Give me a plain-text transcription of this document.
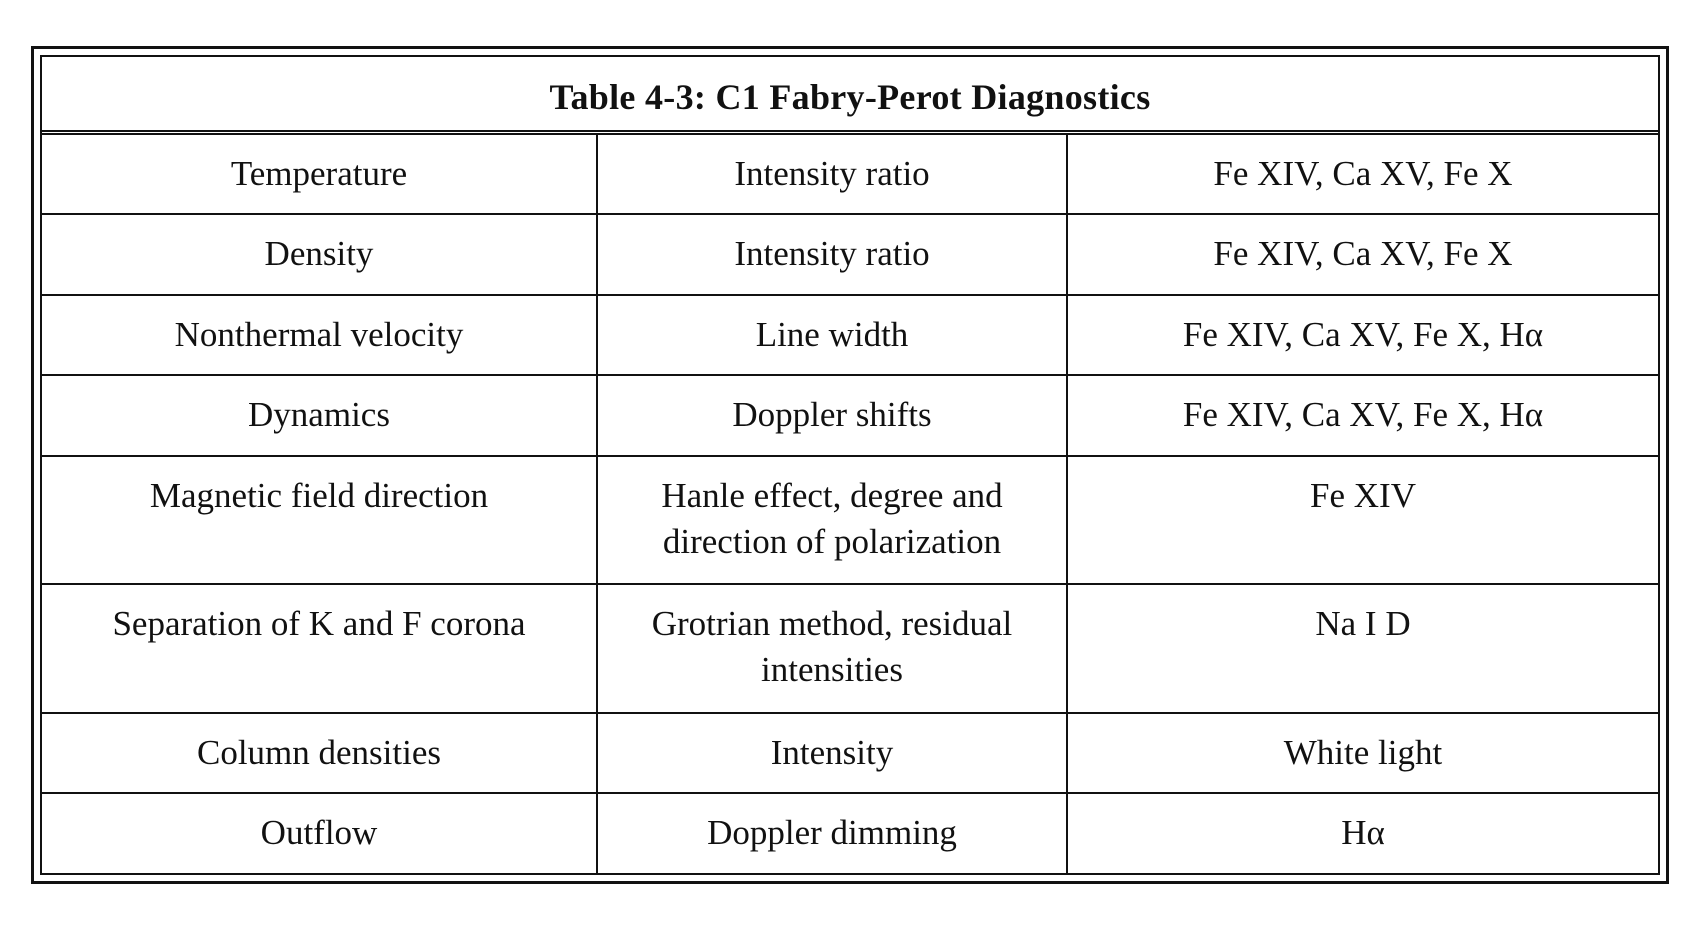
Table 4-3: C1 Fabry-Perot Diagnostics
Temperature	Intensity ratio	Fe XIV, Ca XV, Fe X
Density	Intensity ratio	Fe XIV, Ca XV, Fe X
Nonthermal velocity	Line width	Fe XIV, Ca XV, Fe X, Hα
Dynamics	Doppler shifts	Fe XIV, Ca XV, Fe X, Hα
Magnetic field direction	Hanle effect, degree and direction of polarization	Fe XIV
Separation of K and F corona	Grotrian method, residual intensities	Na I D
Column densities	Intensity	White light
Outflow	Doppler dimming	Hα
